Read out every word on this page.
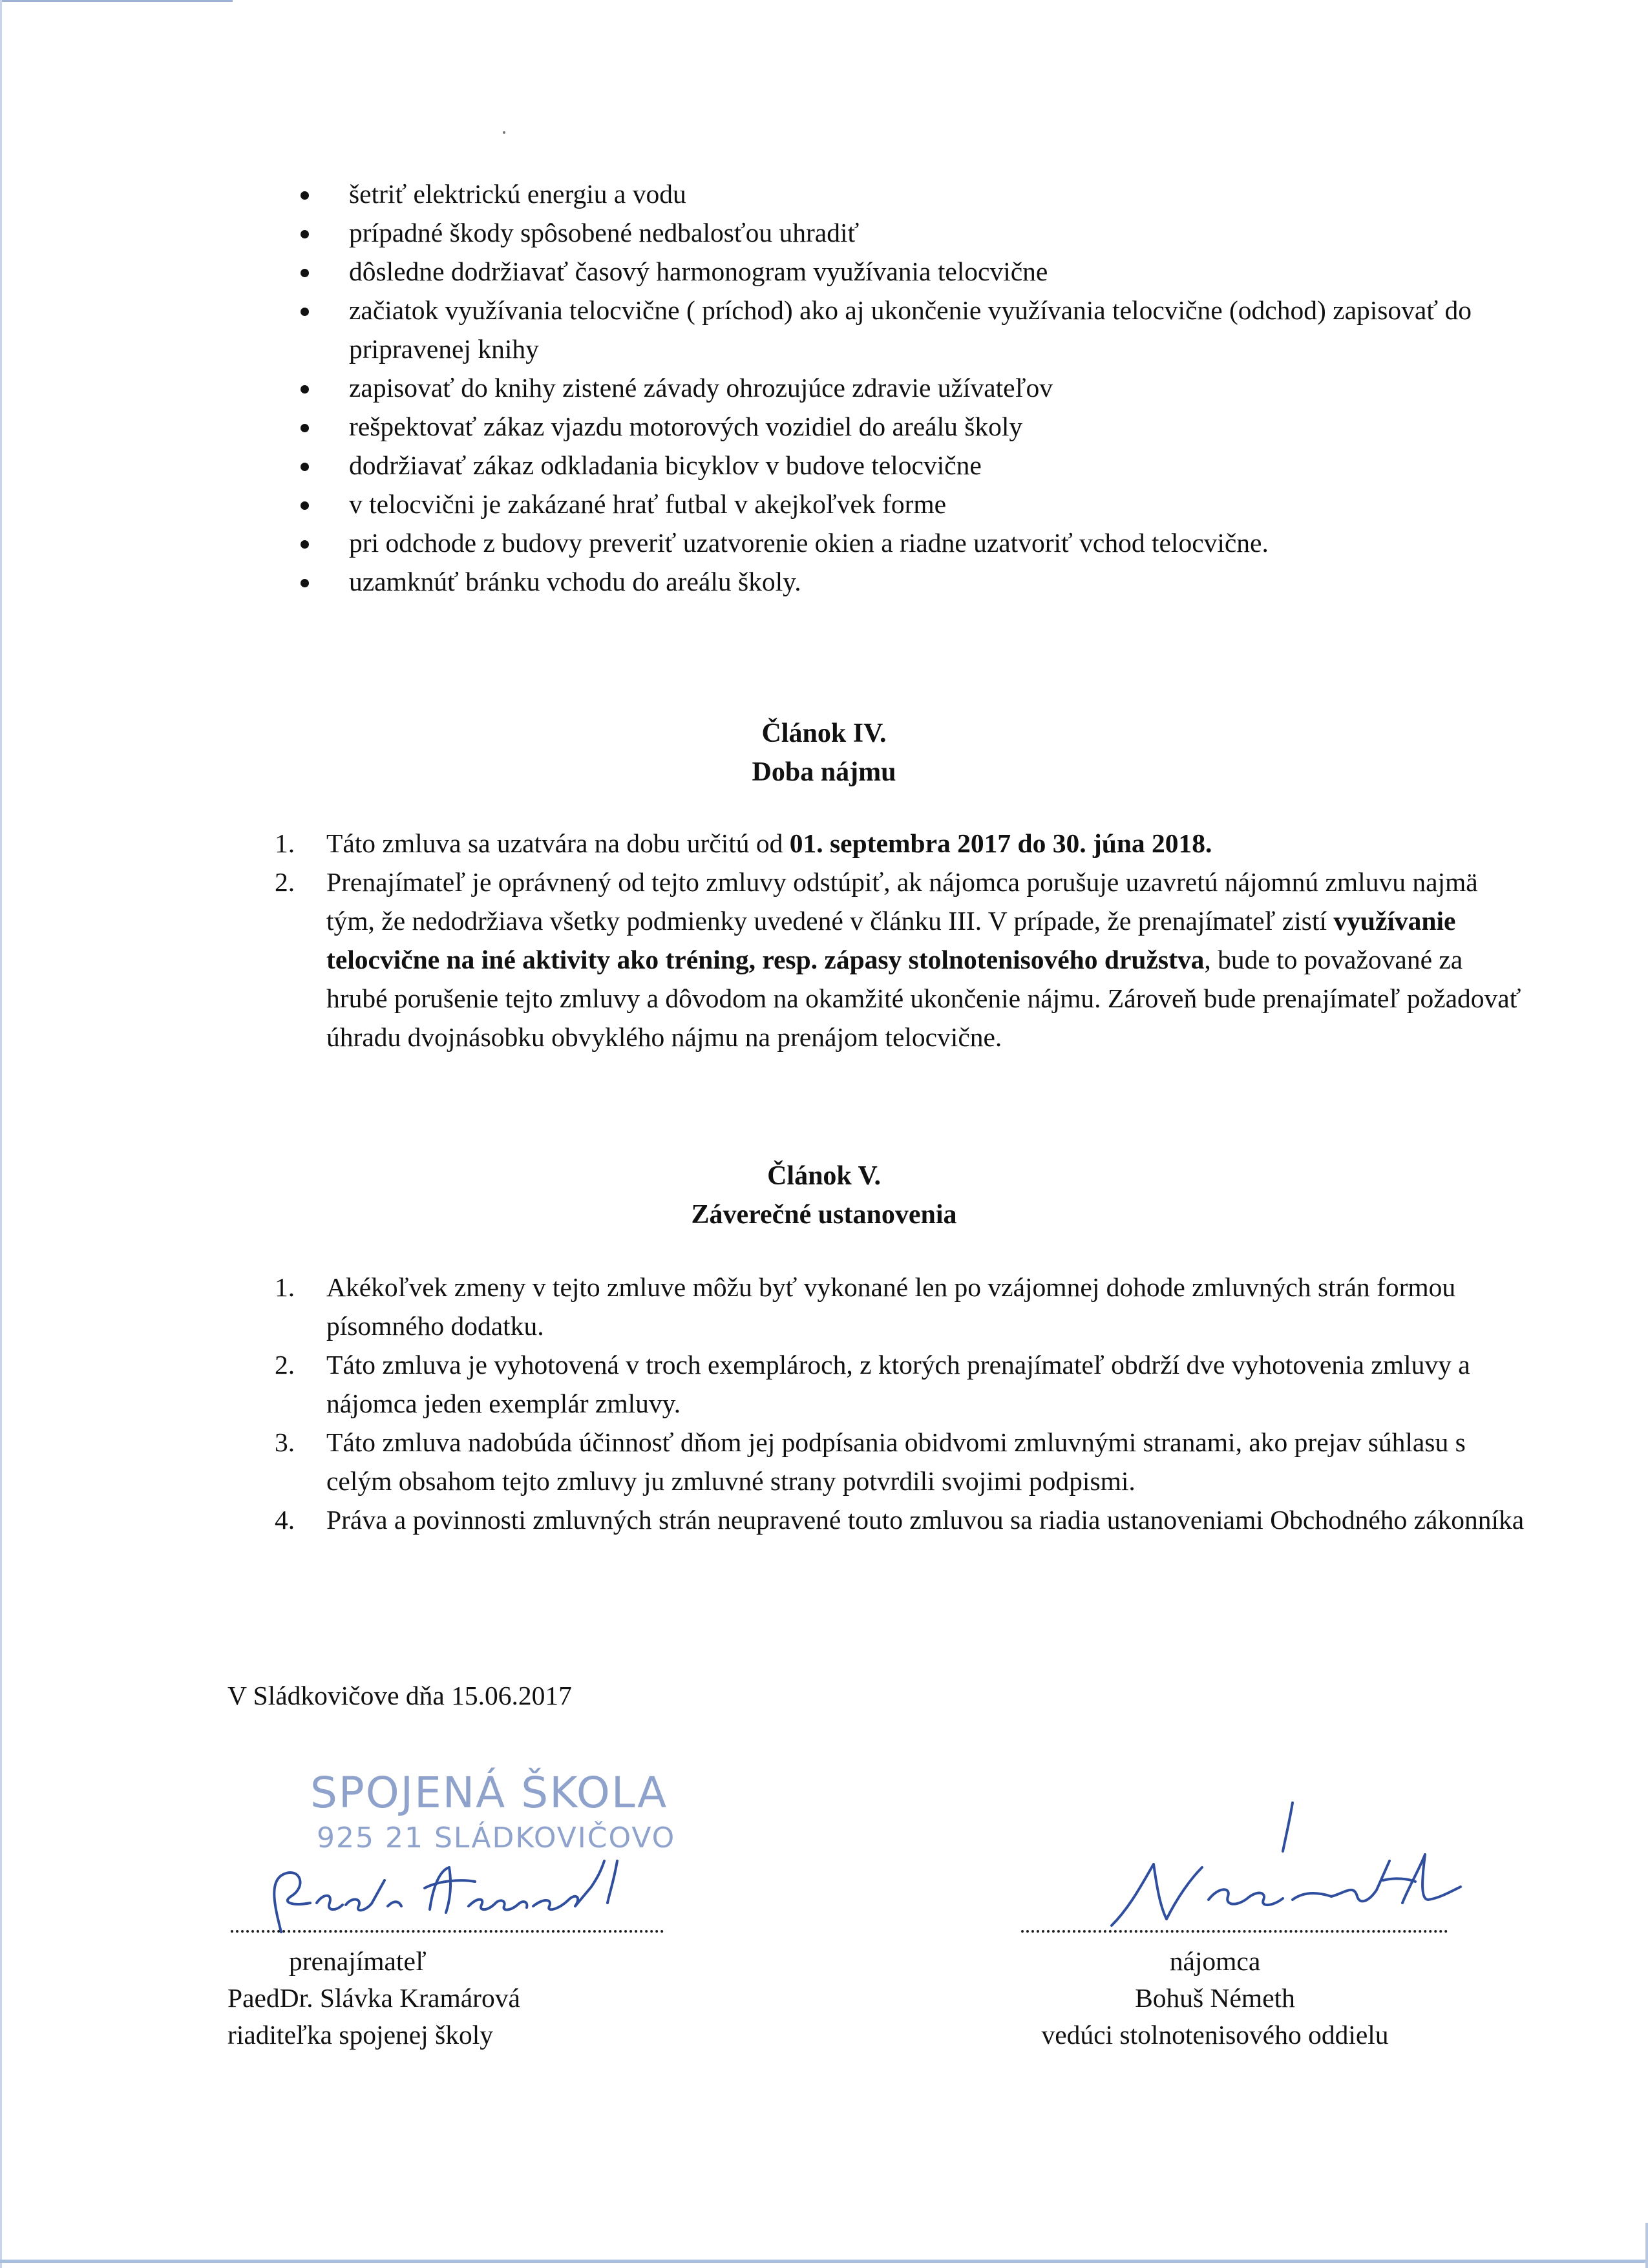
šetriť elektrickú energiu a vodu
prípadné škody spôsobené nedbalosťou uhradiť
dôsledne dodržiavať časový harmonogram využívania telocvične
začiatok využívania telocvične ( príchod) ako aj ukončenie využívania telocvične (odchod) zapisovať do pripravenej knihy
zapisovať do knihy zistené závady ohrozujúce zdravie užívateľov
rešpektovať zákaz vjazdu motorových vozidiel do areálu školy
dodržiavať zákaz odkladania bicyklov v budove telocvične
v telocvični je zakázané hrať futbal v akejkoľvek forme
pri odchode z budovy preveriť uzatvorenie okien a riadne uzatvoriť vchod telocvične.
uzamknúť bránku vchodu do areálu školy.
Článok IV.
Doba nájmu
1. Táto zmluva sa uzatvára na dobu určitú od 01. septembra 2017 do 30. júna 2018.
2. Prenajímateľ je oprávnený od tejto zmluvy odstúpiť, ak nájomca porušuje uzavretú nájomnú zmluvu najmä tým, že nedodržiava všetky podmienky uvedené v článku III. V prípade, že prenajímateľ zistí využívanie telocvične na iné aktivity ako tréning, resp. zápasy stolnotenisového družstva, bude to považované za hrubé porušenie tejto zmluvy a dôvodom na okamžité ukončenie nájmu. Zároveň bude prenajímateľ požadovať úhradu dvojnásobku obvyklého nájmu na prenájom telocvične.
Článok V.
Záverečné ustanovenia
1. Akékoľvek zmeny v tejto zmluve môžu byť vykonané len po vzájomnej dohode zmluvných strán formou písomného dodatku.
2. Táto zmluva je vyhotovená v troch exemplároch, z ktorých prenajímateľ obdrží dve vyhotovenia zmluvy a nájomca jeden exemplár zmluvy.
3. Táto zmluva nadobúda účinnosť dňom jej podpísania obidvomi zmluvnými stranami, ako prejav súhlasu s celým obsahom tejto zmluvy ju zmluvné strany potvrdili svojimi podpismi.
4. Práva a povinnosti zmluvných strán neupravené touto zmluvou sa riadia ustanoveniami Obchodného zákonníka
V Sládkovičove dňa 15.06.2017
SPOJENÁ ŠKOLA
925 21 SLÁDKOVIČOVO
prenajímateľ
PaedDr. Slávka Kramárová
riaditeľka spojenej školy
nájomca
Bohuš Németh
vedúci stolnotenisového oddielu
